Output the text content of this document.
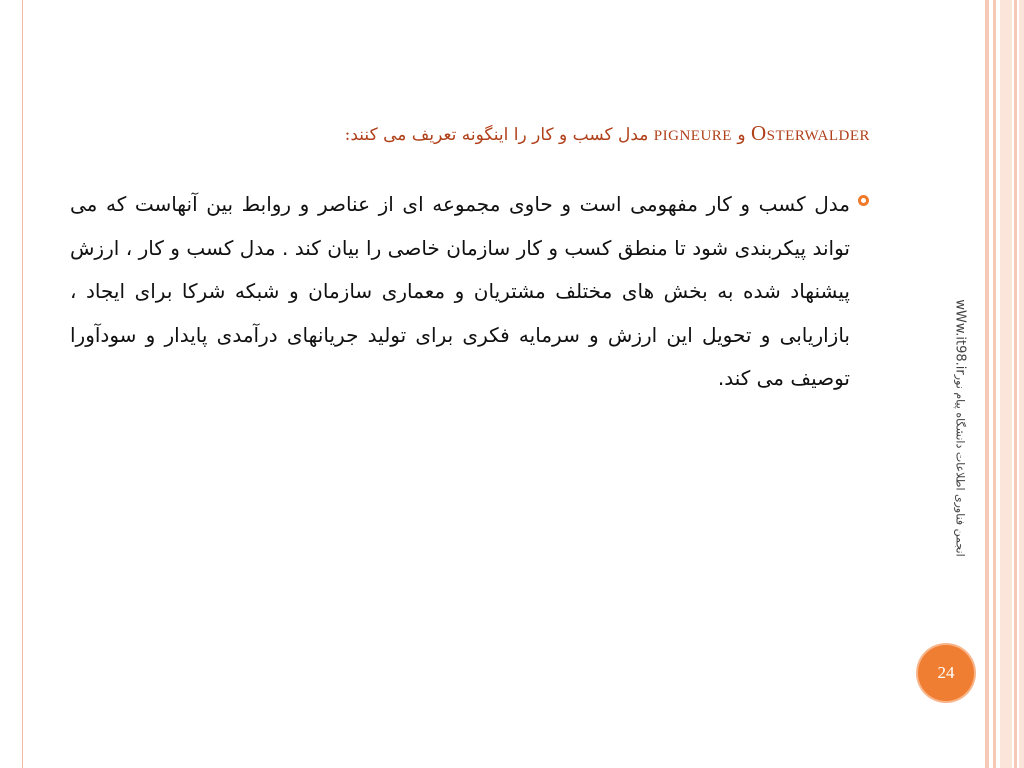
Osterwalder و pigneure مدل کسب و کار را اینگونه تعریف می کنند:
مدل کسب و کار مفهومی است و حاوی مجموعه ای از عناصر و روابط بین آنهاست که می تواند پیکربندی شود تا منطق کسب و کار سازمان خاصی را بیان کند . مدل کسب و کار ، ارزش پیشنهاد شده به بخش های مختلف مشتریان و معماری سازمان و شبکه شرکا برای ایجاد ، بازاریابی و تحویل این ارزش و سرمایه فکری برای تولید جریانهای درآمدی پایدار و سودآورا توصیف می کند.
wWw.it98.irانجمن فناوری اطلاعات دانشگاه پیام نور
24
